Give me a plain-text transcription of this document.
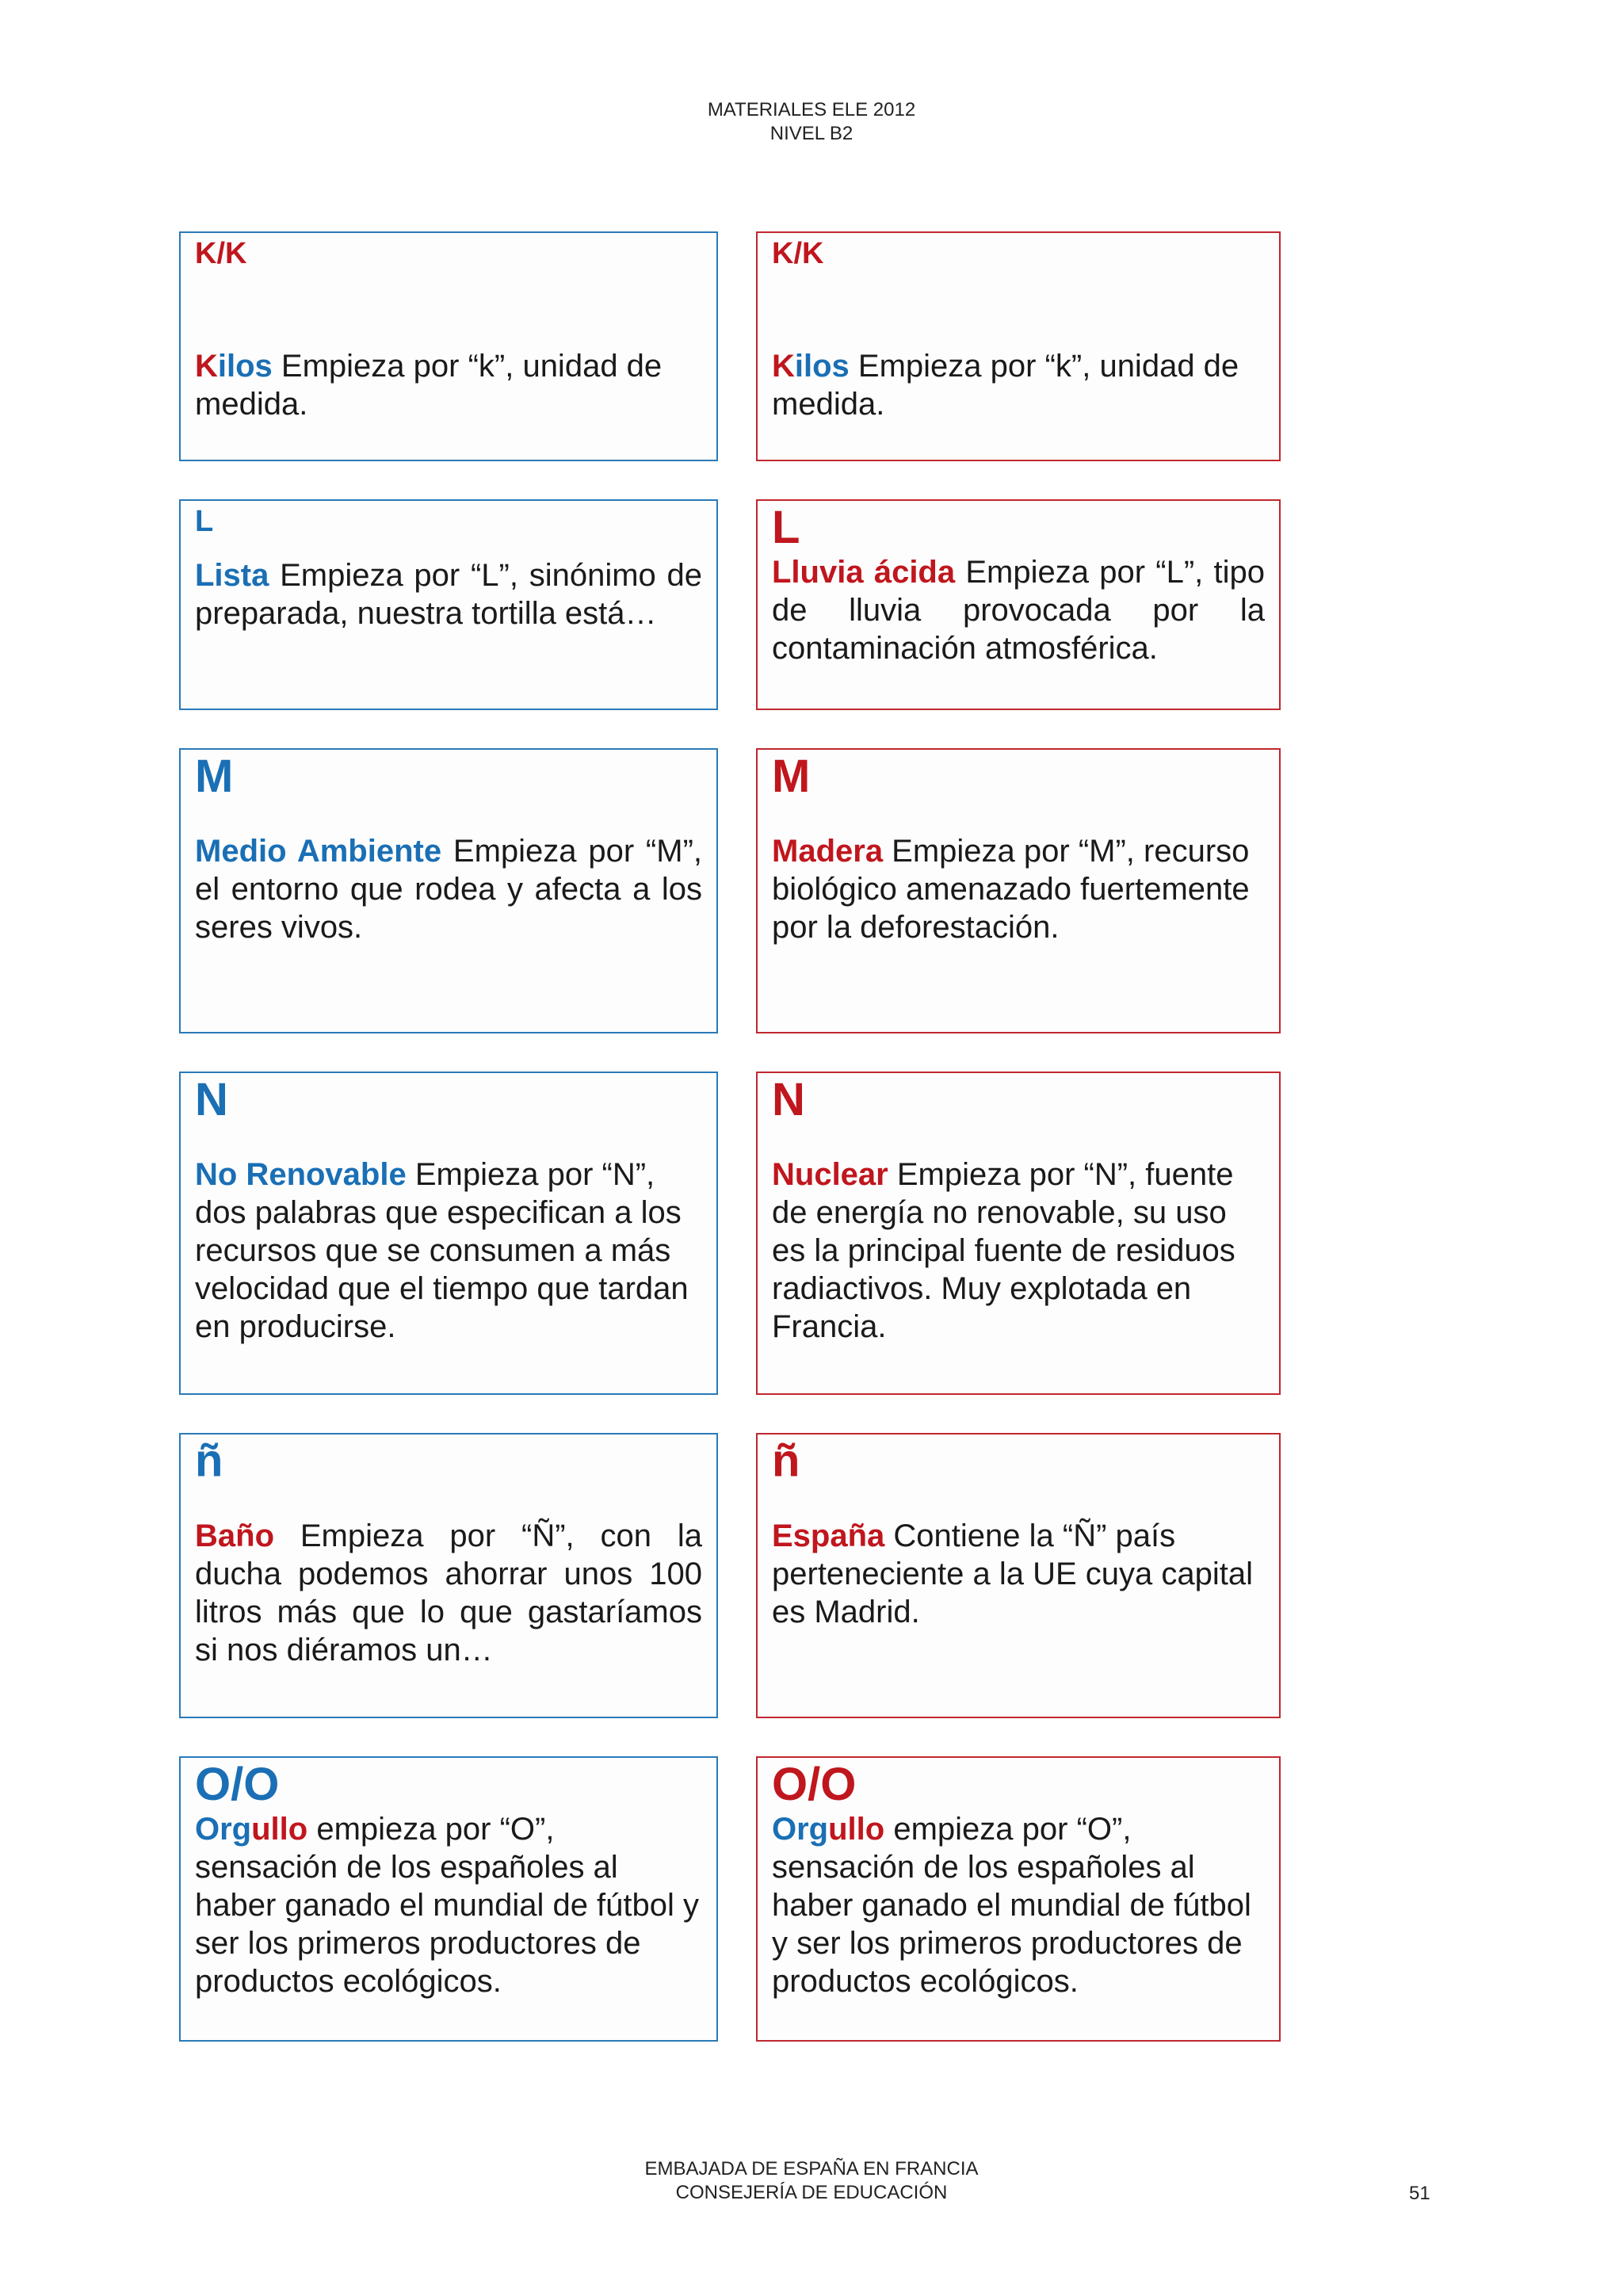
MATERIALES ELE 2012
NIVEL B2

K/K

Kilos Empieza por “k”, unidad de medida.

K/K

Kilos Empieza por “k”, unidad de medida.

L

Lista Empieza por “L”, sinónimo de preparada, nuestra tortilla está…

L

Lluvia ácida Empieza por “L”, tipo de lluvia provocada por la contaminación atmosférica.

M

Medio Ambiente Empieza por “M”, el entorno que rodea y afecta a los seres vivos.

M

Madera Empieza por “M”, recurso biológico amenazado fuertemente por la deforestación.

N

No Renovable Empieza por “N”, dos palabras que especifican a los recursos que se consumen a más velocidad que el tiempo que tardan en producirse.

N

Nuclear Empieza por “N”, fuente de energía no renovable, su uso es la principal fuente de residuos radiactivos. Muy explotada en Francia.

ñ

Baño Empieza por “Ñ”, con la ducha podemos ahorrar unos 100 litros más que lo que gastaríamos si nos diéramos un…

ñ

España Contiene la “Ñ” país perteneciente a la UE cuya capital es Madrid.

O/O

Orgullo empieza por “O”, sensación de los españoles al haber ganado el mundial de fútbol y ser los primeros productores de productos ecológicos.

O/O

Orgullo empieza por “O”, sensación de los españoles al haber ganado el mundial de fútbol y ser los primeros productores de productos ecológicos.

EMBAJADA DE ESPAÑA EN FRANCIA
CONSEJERÍA DE EDUCACIÓN	51
